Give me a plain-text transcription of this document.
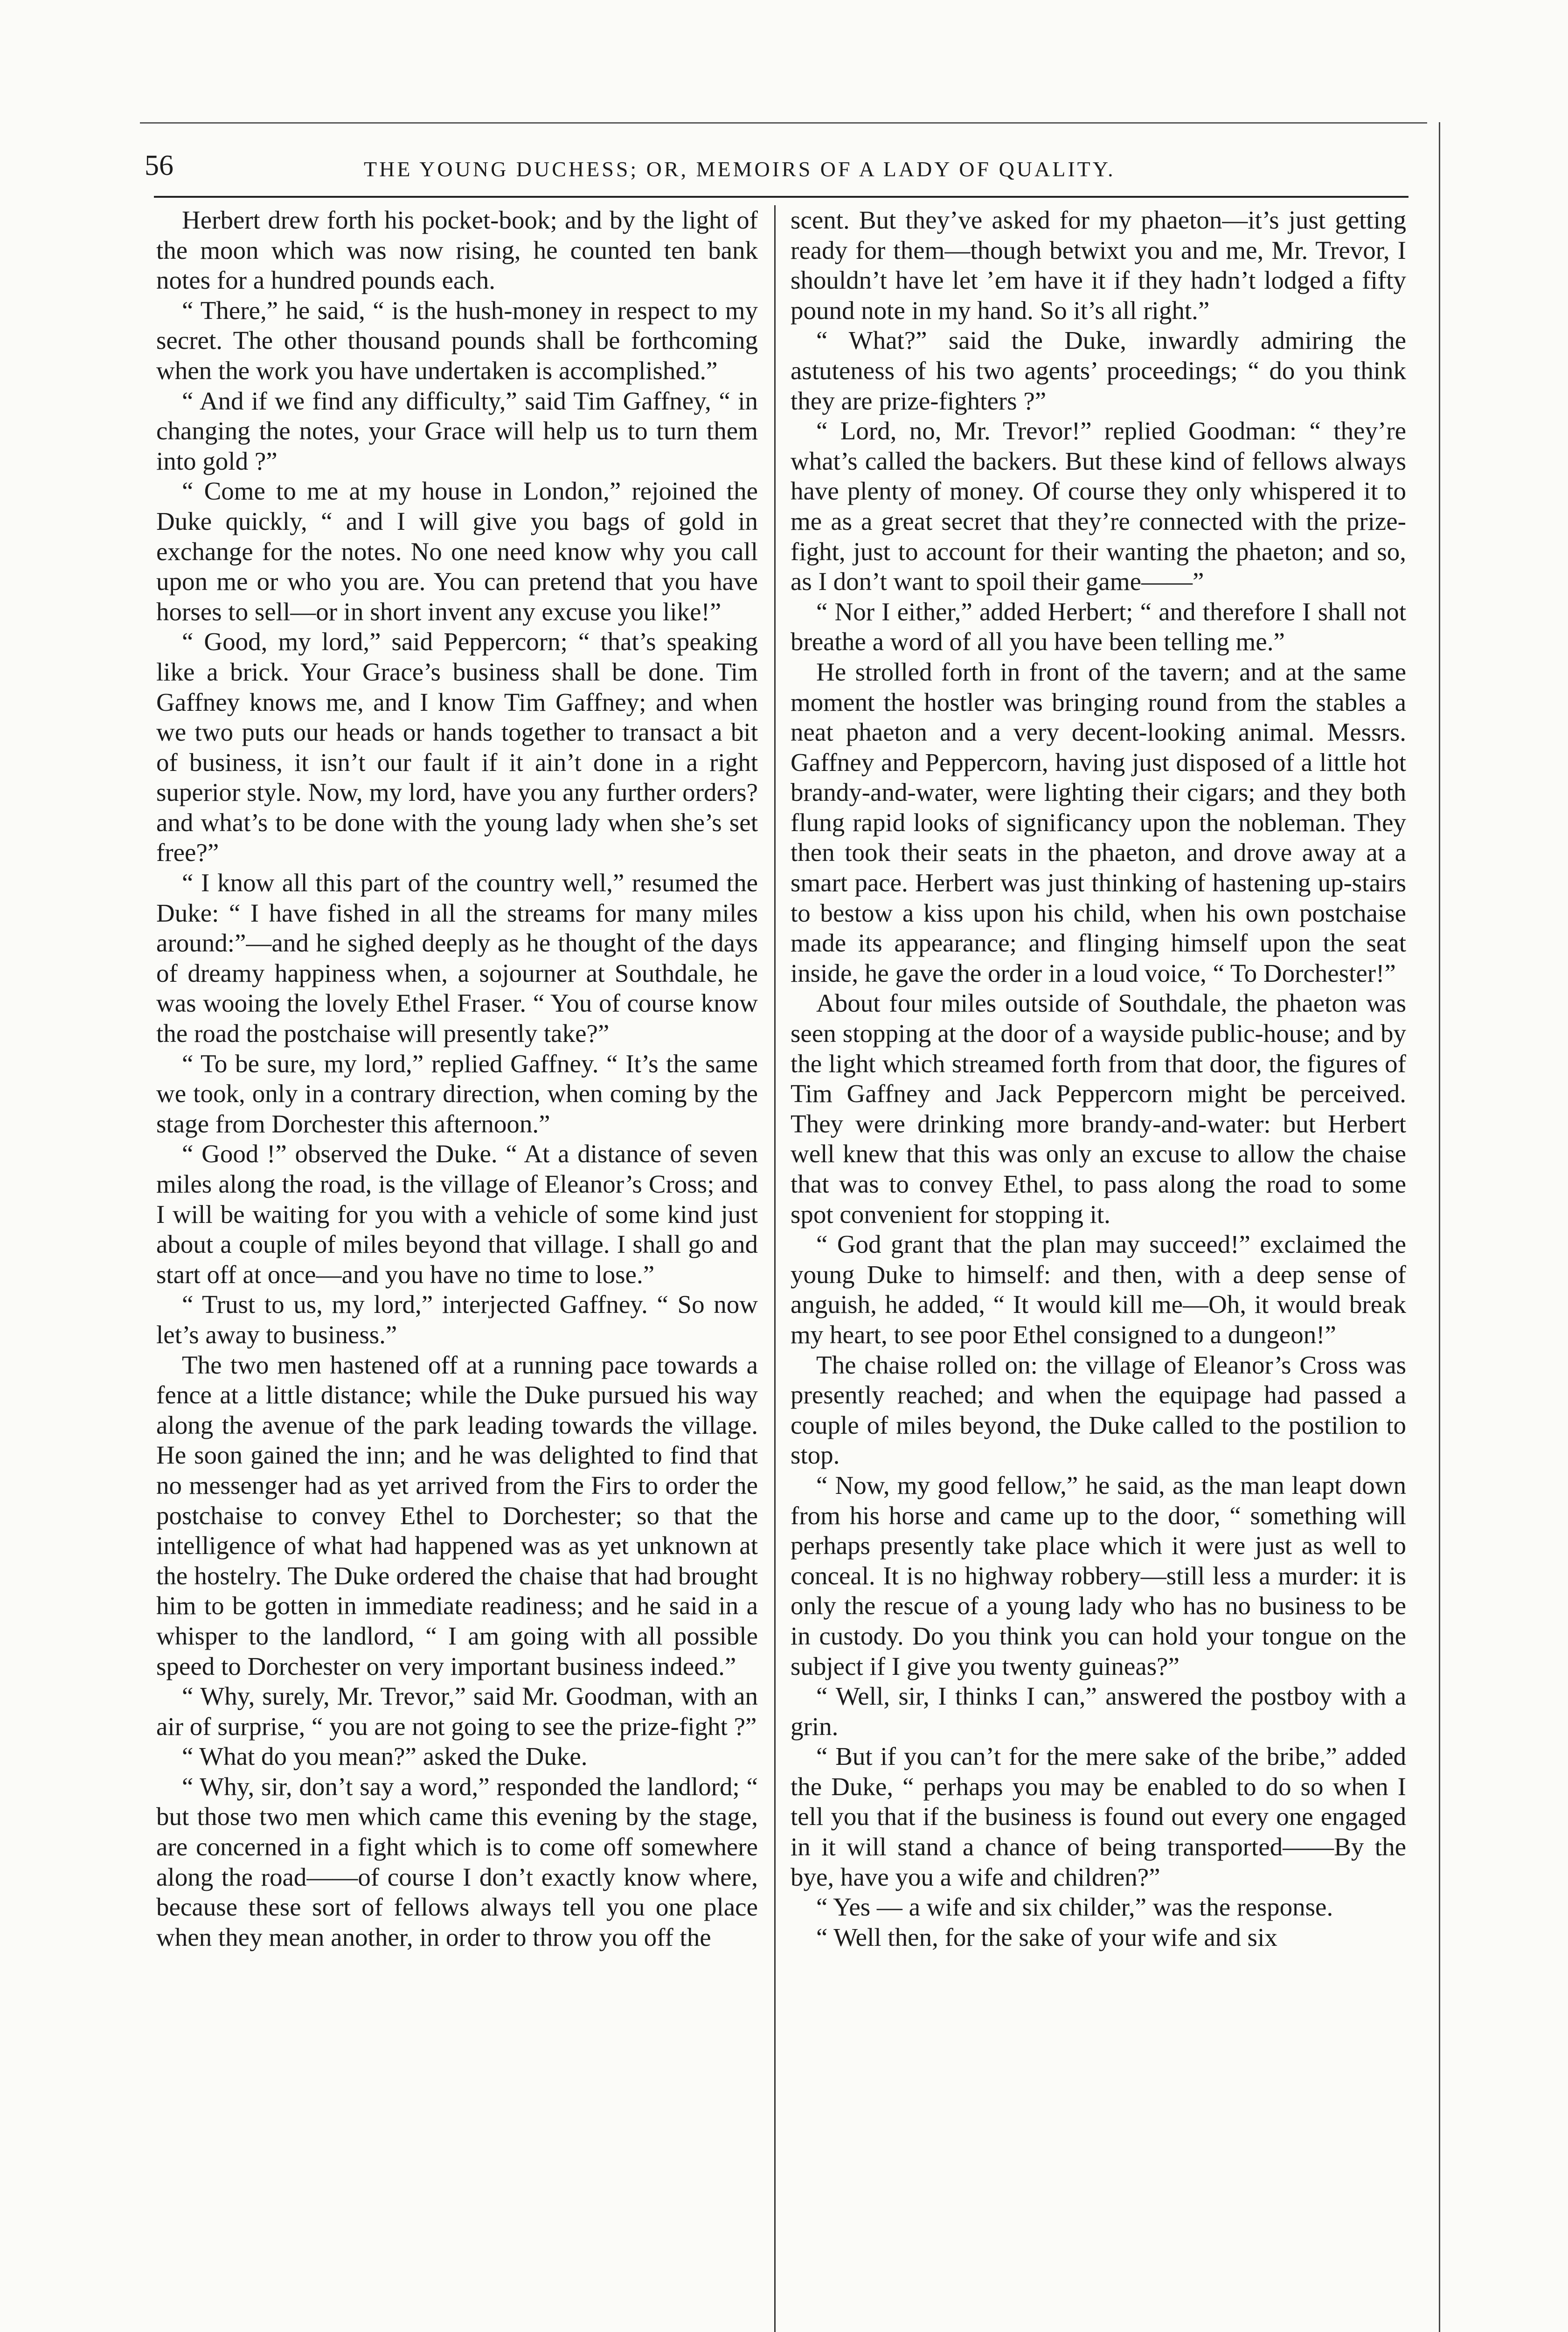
56	THE YOUNG DUCHESS; OR, MEMOIRS OF A LADY OF QUALITY.

Herbert drew forth his pocket-book; and by the light of the moon which was now rising, he counted ten bank notes for a hundred pounds each.

“ There,” he said, “ is the hush-money in respect to my secret. The other thousand pounds shall be forthcoming when the work you have undertaken is accomplished.”

“ And if we find any difficulty,” said Tim Gaffney, “ in changing the notes, your Grace will help us to turn them into gold ?”

“ Come to me at my house in London,” rejoined the Duke quickly, “ and I will give you bags of gold in exchange for the notes. No one need know why you call upon me or who you are. You can pretend that you have horses to sell—or in short invent any excuse you like!”

“ Good, my lord,” said Peppercorn; “ that’s speaking like a brick. Your Grace’s business shall be done. Tim Gaffney knows me, and I know Tim Gaffney; and when we two puts our heads or hands together to transact a bit of business, it isn’t our fault if it ain’t done in a right superior style. Now, my lord, have you any further orders? and what’s to be done with the young lady when she’s set free?”

“ I know all this part of the country well,” resumed the Duke: “ I have fished in all the streams for many miles around:”—and he sighed deeply as he thought of the days of dreamy happiness when, a sojourner at Southdale, he was wooing the lovely Ethel Fraser. “ You of course know the road the postchaise will presently take?”

“ To be sure, my lord,” replied Gaffney. “ It’s the same we took, only in a contrary direction, when coming by the stage from Dorchester this afternoon.”

“ Good !” observed the Duke. “ At a distance of seven miles along the road, is the village of Eleanor’s Cross; and I will be waiting for you with a vehicle of some kind just about a couple of miles beyond that village. I shall go and start off at once—and you have no time to lose.”

“ Trust to us, my lord,” interjected Gaffney. “ So now let’s away to business.”

The two men hastened off at a running pace towards a fence at a little distance; while the Duke pursued his way along the avenue of the park leading towards the village. He soon gained the inn; and he was delighted to find that no messenger had as yet arrived from the Firs to order the postchaise to convey Ethel to Dorchester; so that the intelligence of what had happened was as yet unknown at the hostelry. The Duke ordered the chaise that had brought him to be gotten in immediate readiness; and he said in a whisper to the landlord, “ I am going with all possible speed to Dorchester on very important business indeed.”

“ Why, surely, Mr. Trevor,” said Mr. Goodman, with an air of surprise, “ you are not going to see the prize-fight ?”

“ What do you mean?” asked the Duke.

“ Why, sir, don’t say a word,” responded the landlord; “ but those two men which came this evening by the stage, are concerned in a fight which is to come off somewhere along the road——of course I don’t exactly know where, because these sort of fellows always tell you one place when they mean another, in order to throw you off the

scent. But they’ve asked for my phaeton—it’s just getting ready for them—though betwixt you and me, Mr. Trevor, I shouldn’t have let ’em have it if they hadn’t lodged a fifty pound note in my hand. So it’s all right.”

“ What?” said the Duke, inwardly admiring the astuteness of his two agents’ proceedings; “ do you think they are prize-fighters ?”

“ Lord, no, Mr. Trevor!” replied Goodman: “ they’re what’s called the backers. But these kind of fellows always have plenty of money. Of course they only whispered it to me as a great secret that they’re connected with the prize-fight, just to account for their wanting the phaeton; and so, as I don’t want to spoil their game——”

“ Nor I either,” added Herbert; “ and therefore I shall not breathe a word of all you have been telling me.”

He strolled forth in front of the tavern; and at the same moment the hostler was bringing round from the stables a neat phaeton and a very decent-looking animal. Messrs. Gaffney and Peppercorn, having just disposed of a little hot brandy-and-water, were lighting their cigars; and they both flung rapid looks of significancy upon the nobleman. They then took their seats in the phaeton, and drove away at a smart pace. Herbert was just thinking of hastening up-stairs to bestow a kiss upon his child, when his own postchaise made its appearance; and flinging himself upon the seat inside, he gave the order in a loud voice, “ To Dorchester!”

About four miles outside of Southdale, the phaeton was seen stopping at the door of a wayside public-house; and by the light which streamed forth from that door, the figures of Tim Gaffney and Jack Peppercorn might be perceived. They were drinking more brandy-and-water: but Herbert well knew that this was only an excuse to allow the chaise that was to convey Ethel, to pass along the road to some spot convenient for stopping it.

“ God grant that the plan may succeed!” exclaimed the young Duke to himself: and then, with a deep sense of anguish, he added, “ It would kill me—Oh, it would break my heart, to see poor Ethel consigned to a dungeon!”

The chaise rolled on: the village of Eleanor’s Cross was presently reached; and when the equipage had passed a couple of miles beyond, the Duke called to the postilion to stop.

“ Now, my good fellow,” he said, as the man leapt down from his horse and came up to the door, “ something will perhaps presently take place which it were just as well to conceal. It is no highway robbery—still less a murder: it is only the rescue of a young lady who has no business to be in custody. Do you think you can hold your tongue on the subject if I give you twenty guineas?”

“ Well, sir, I thinks I can,” answered the postboy with a grin.

“ But if you can’t for the mere sake of the bribe,” added the Duke, “ perhaps you may be enabled to do so when I tell you that if the business is found out every one engaged in it will stand a chance of being transported——By the bye, have you a wife and children?”

“ Yes — a wife and six childer,” was the response.

“ Well then, for the sake of your wife and six
